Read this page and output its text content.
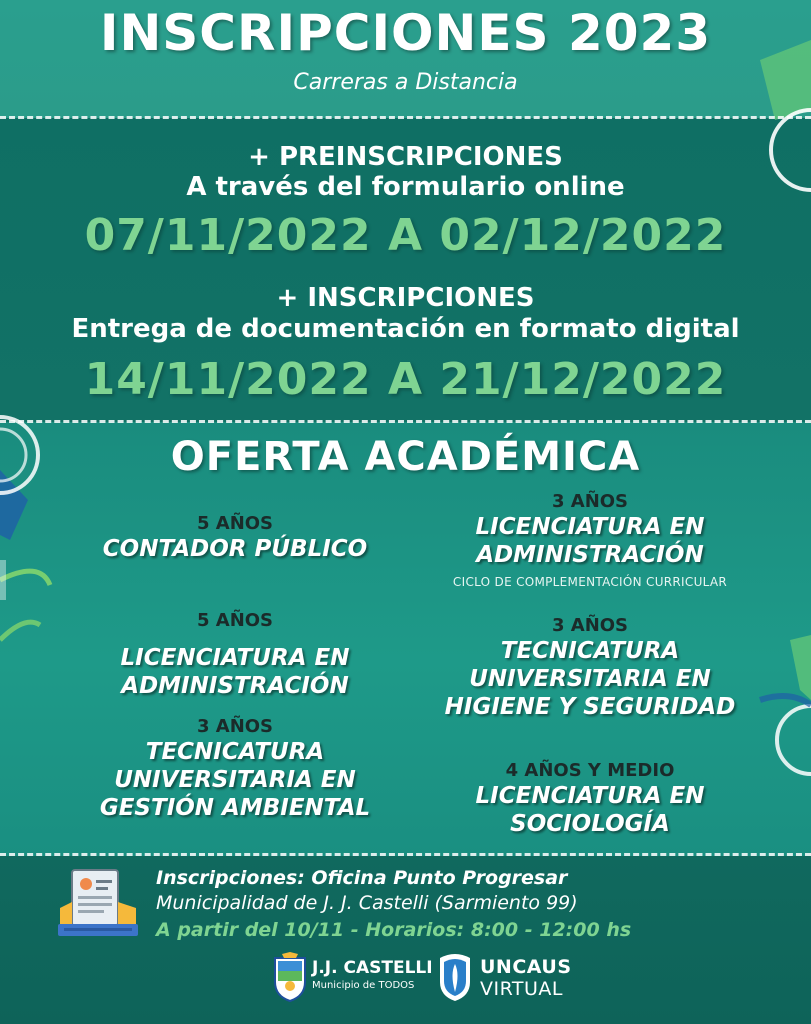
INSCRIPCIONES 2023
Carreras a Distancia
+ PREINSCRIPCIONES
A través del formulario online
07/11/2022 A 02/12/2022
+ INSCRIPCIONES
Entrega de documentación en formato digital
14/11/2022 A 21/12/2022
OFERTA ACADÉMICA
5 AÑOS
CONTADOR PÚBLICO
3 AÑOS
LICENCIATURA EN
ADMINISTRACIÓN
CICLO DE COMPLEMENTACIÓN CURRICULAR
5 AÑOS
LICENCIATURA EN
ADMINISTRACIÓN
3 AÑOS
TECNICATURA
UNIVERSITARIA EN
HIGIENE Y SEGURIDAD
3 AÑOS
TECNICATURA
UNIVERSITARIA EN
GESTIÓN AMBIENTAL
4 AÑOS Y MEDIO
LICENCIATURA EN
SOCIOLOGÍA
Inscripciones: Oficina Punto Progresar
Municipalidad de J. J. Castelli (Sarmiento 99)
A partir del 10/11 - Horarios: 8:00 - 12:00 hs
J.J. CASTELLI
Municipio de TODOS
UNCAUS
VIRTUAL
